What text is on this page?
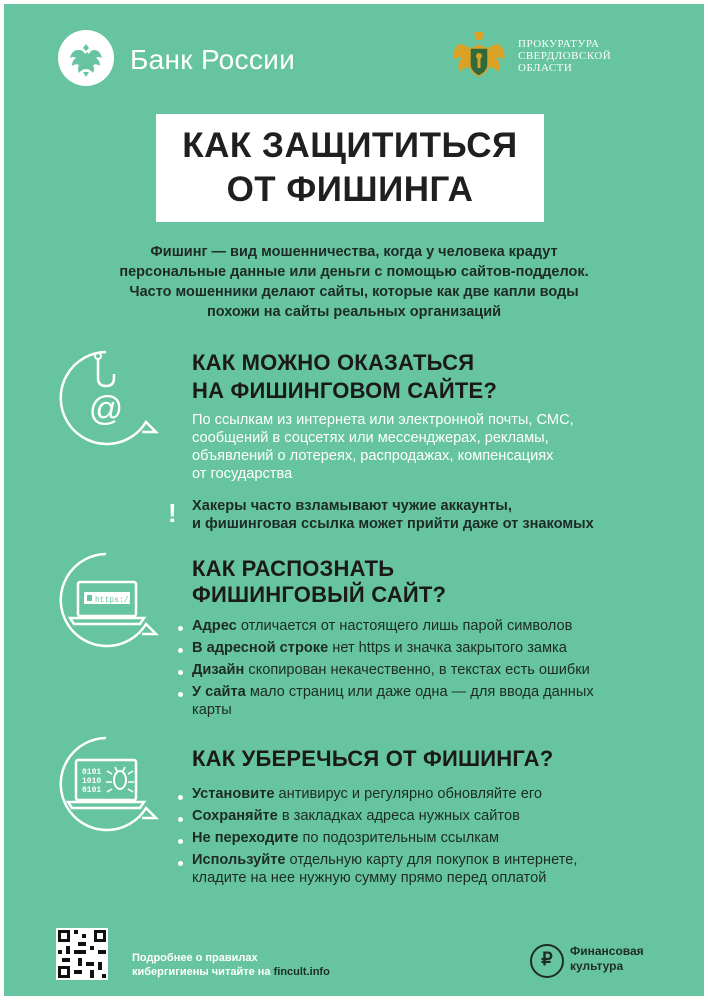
Банк России	ПРОКУРАТУРА
СВЕРДЛОВСКОЙ
ОБЛАСТИ
КАК ЗАЩИТИТЬСЯ
ОТ ФИШИНГА
Фишинг — вид мошенничества, когда у человека крадут
персональные данные или деньги с помощью сайтов-подделок.
Часто мошенники делают сайты, которые как две капли воды
похожи на сайты реальных организаций
@
КАК МОЖНО ОКАЗАТЬСЯ
НА ФИШИНГОВОМ САЙТЕ?
По ссылкам из интернета или электронной почты, СМС,
сообщений в соцсетях или мессенджерах, рекламы,
объявлений о лотереях, распродажах, компенсациях
от государства
! Хакеры часто взламывают чужие аккаунты,
и фишинговая ссылка может прийти даже от знакомых
https://
КАК РАСПОЗНАТЬ
ФИШИНГОВЫЙ САЙТ?
Адрес отличается от настоящего лишь парой символов
В адресной строке нет https и значка закрытого замка
Дизайн скопирован некачественно, в текстах есть ошибки
У сайта мало страниц или даже одна — для ввода данных
карты
0101
1010
0101
КАК УБЕРЕЧЬСЯ ОТ ФИШИНГА?
Установите антивирус и регулярно обновляйте его
Сохраняйте в закладках адреса нужных сайтов
Не переходите по подозрительным ссылкам
Используйте отдельную карту для покупок в интернете,
кладите на нее нужную сумму прямо перед оплатой
Подробнее о правилах
кибергигиены читайте на fincult.info
₽	Финансовая
культура
